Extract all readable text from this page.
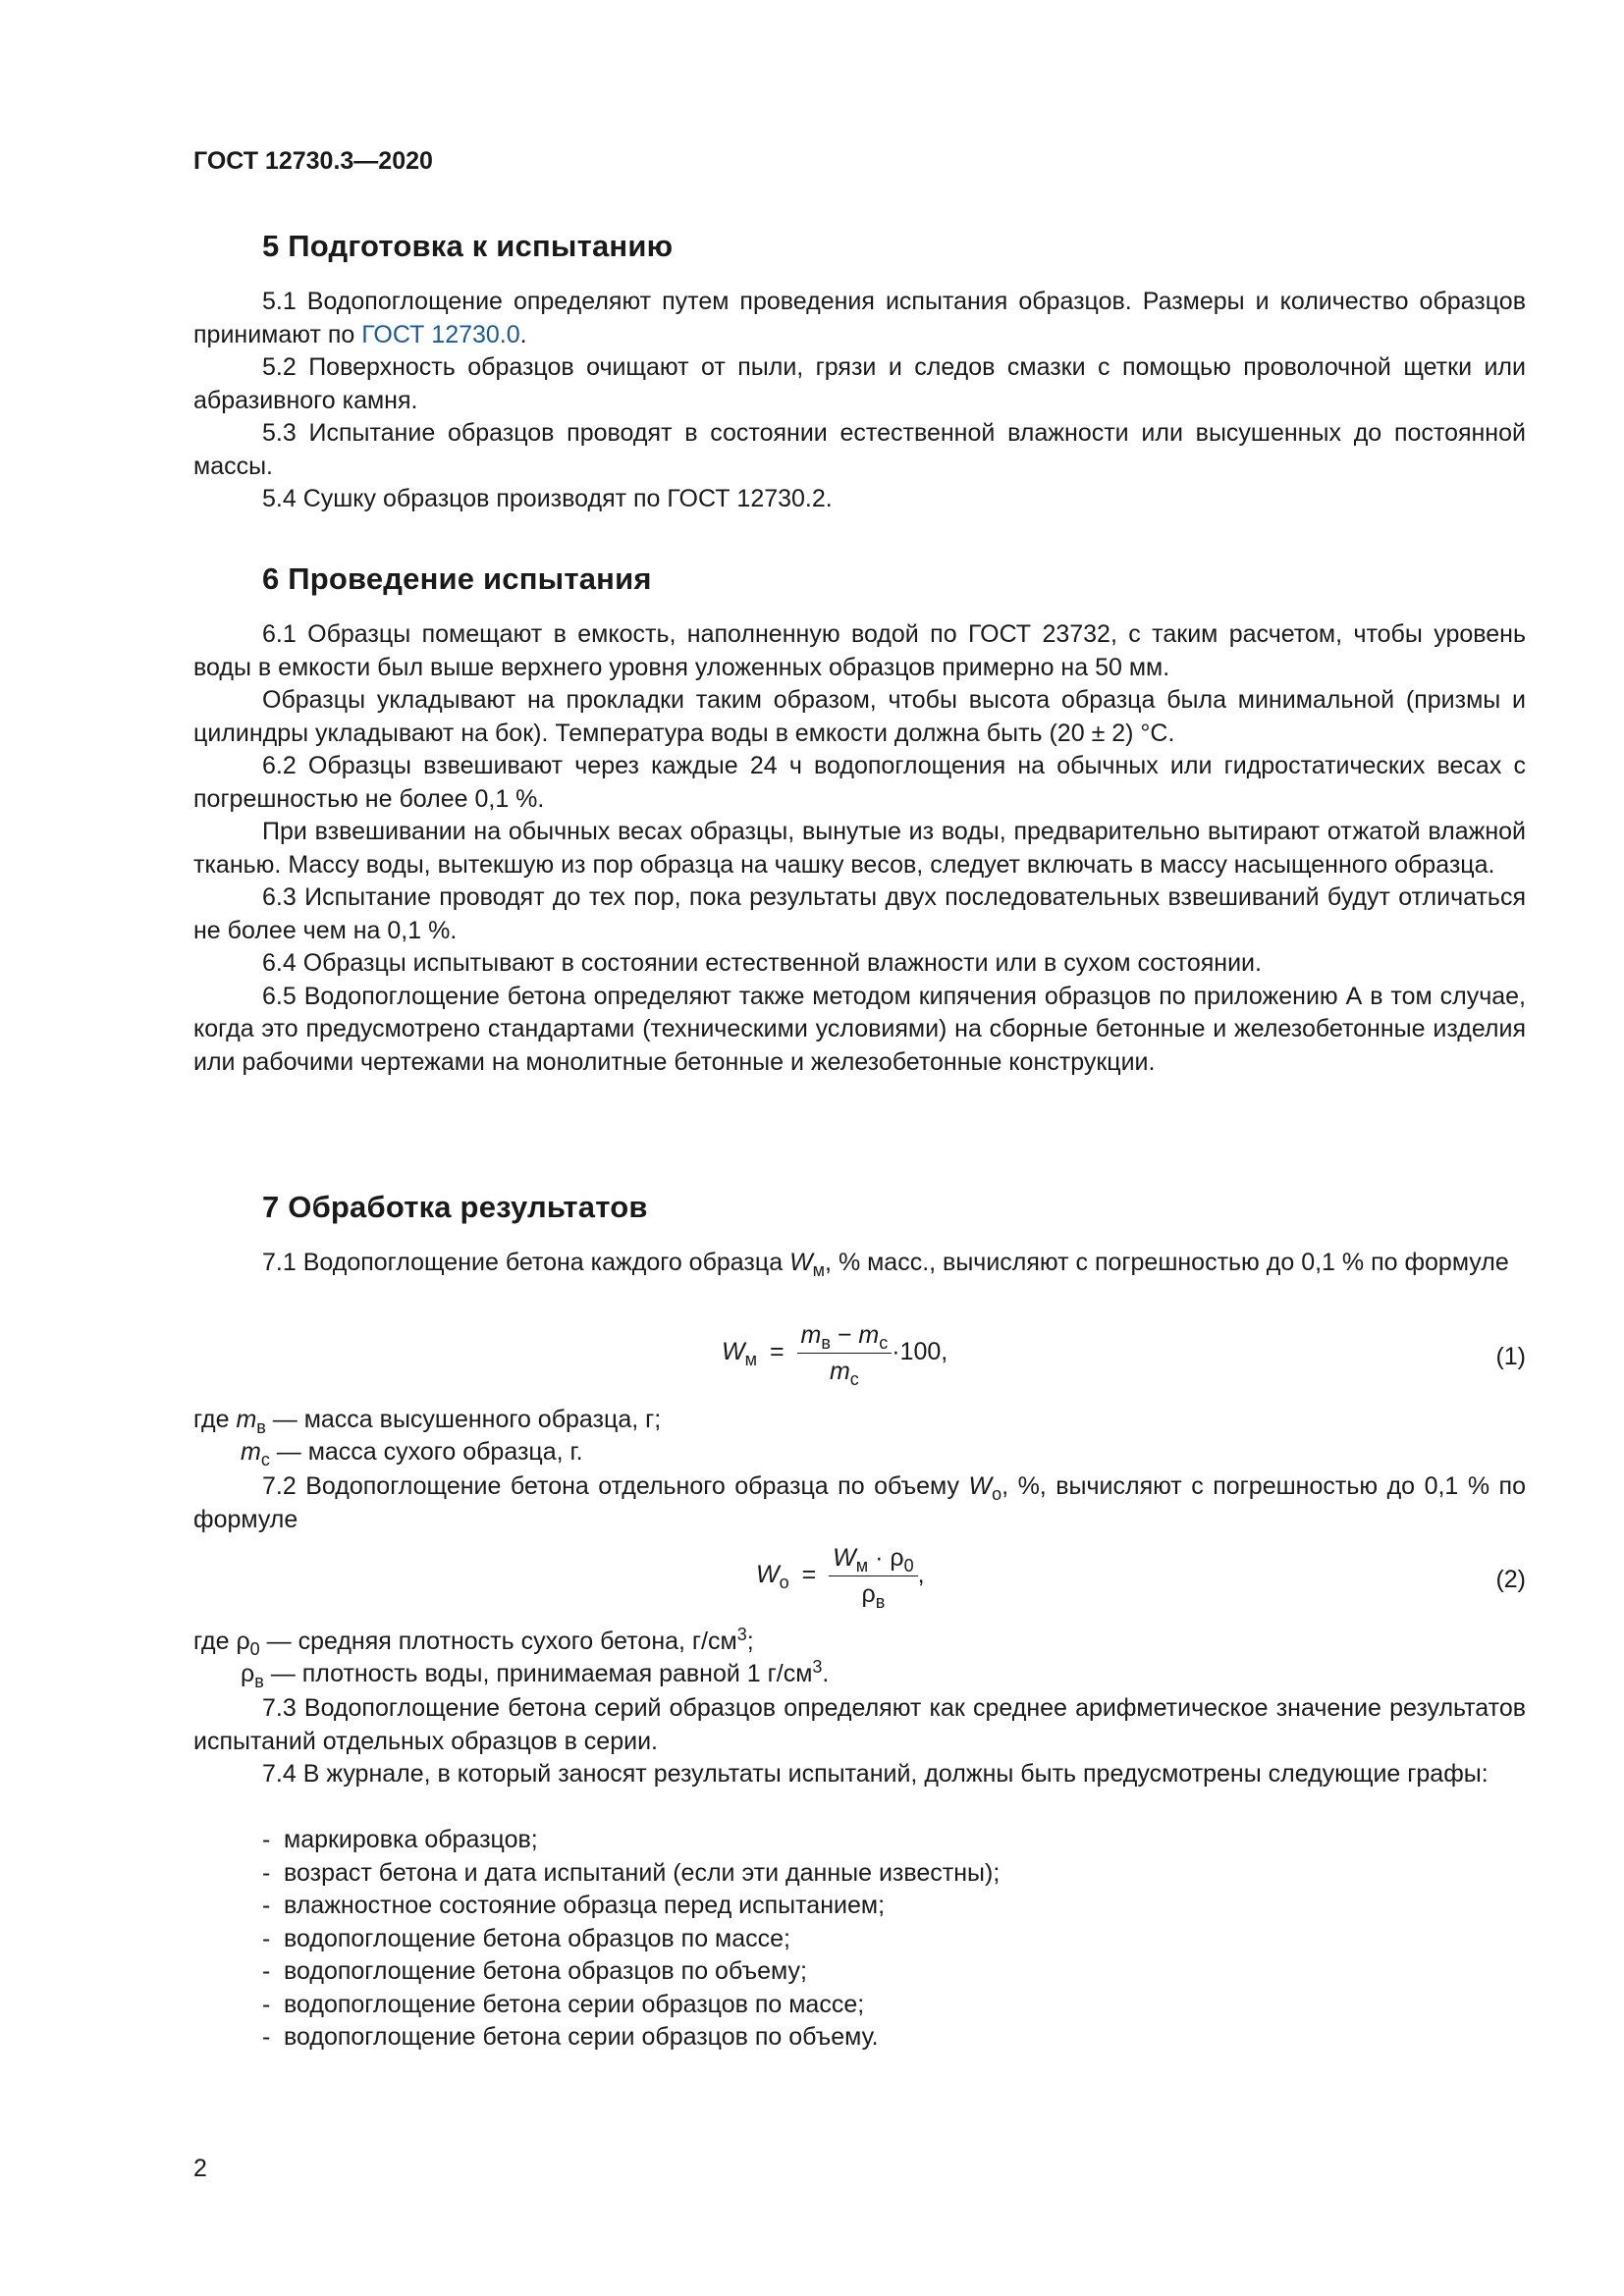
ГОСТ 12730.3—2020
5 Подготовка к испытанию

5.1 Водопоглощение определяют путем проведения испытания образцов. Размеры и количество образцов принимают по ГОСТ 12730.0.

5.2 Поверхность образцов очищают от пыли, грязи и следов смазки с помощью проволочной щетки или абразивного камня.

5.3 Испытание образцов проводят в состоянии естественной влажности или высушенных до постоянной массы.

5.4 Сушку образцов производят по ГОСТ 12730.2.

6 Проведение испытания

6.1 Образцы помещают в емкость, наполненную водой по ГОСТ 23732, с таким расчетом, чтобы уровень воды в емкости был выше верхнего уровня уложенных образцов примерно на 50 мм.

Образцы укладывают на прокладки таким образом, чтобы высота образца была минимальной (призмы и цилиндры укладывают на бок). Температура воды в емкости должна быть (20 ± 2) °С.

6.2 Образцы взвешивают через каждые 24 ч водопоглощения на обычных или гидростатических весах с погрешностью не более 0,1 %.

При взвешивании на обычных весах образцы, вынутые из воды, предварительно вытирают отжатой влажной тканью. Массу воды, вытекшую из пор образца на чашку весов, следует включать в массу насыщенного образца.

6.3 Испытание проводят до тех пор, пока результаты двух последовательных взвешиваний будут отличаться не более чем на 0,1 %.

6.4 Образцы испытывают в состоянии естественной влажности или в сухом состоянии.

6.5 Водопоглощение бетона определяют также методом кипячения образцов по приложению А в том случае, когда это предусмотрено стандартами (техническими условиями) на сборные бетонные и железобетонные изделия или рабочими чертежами на монолитные бетонные и железобетонные конструкции.

7 Обработка результатов

7.1 Водопоглощение бетона каждого образца $W_м$, % масс., вычисляют с погрешностью до 0,1 % по формуле

$W_м = \frac{m_в - m_с}{m_с} \cdot 100$,	(1)
где $m_в$ — масса высушенного образца, г;
$m_с$ — масса сухого образца, г.

7.2 Водопоглощение бетона отдельного образца по объему $W_о$, %, вычисляют с погрешностью до 0,1 % по формуле

$W_о = \frac{W_м \cdot \rho_0}{\rho_в}$ ,	(2)
где $\rho_0$ — средняя плотность сухого бетона, $г/см^3$;
$\rho_в$ — плотность воды, принимаемая равной 1 $г/см^3$.

7.3 Водопоглощение бетона серий образцов определяют как среднее арифметическое значение результатов испытаний отдельных образцов в серии.

7.4 В журнале, в который заносят результаты испытаний, должны быть предусмотрены следующие графы:

- маркировка образцов;
- возраст бетона и дата испытаний (если эти данные известны);
- влажностное состояние образца перед испытанием;
- водопоглощение бетона образцов по массе;
- водопоглощение бетона образцов по объему;
- водопоглощение бетона серии образцов по массе;
- водопоглощение бетона серии образцов по объему.
2
